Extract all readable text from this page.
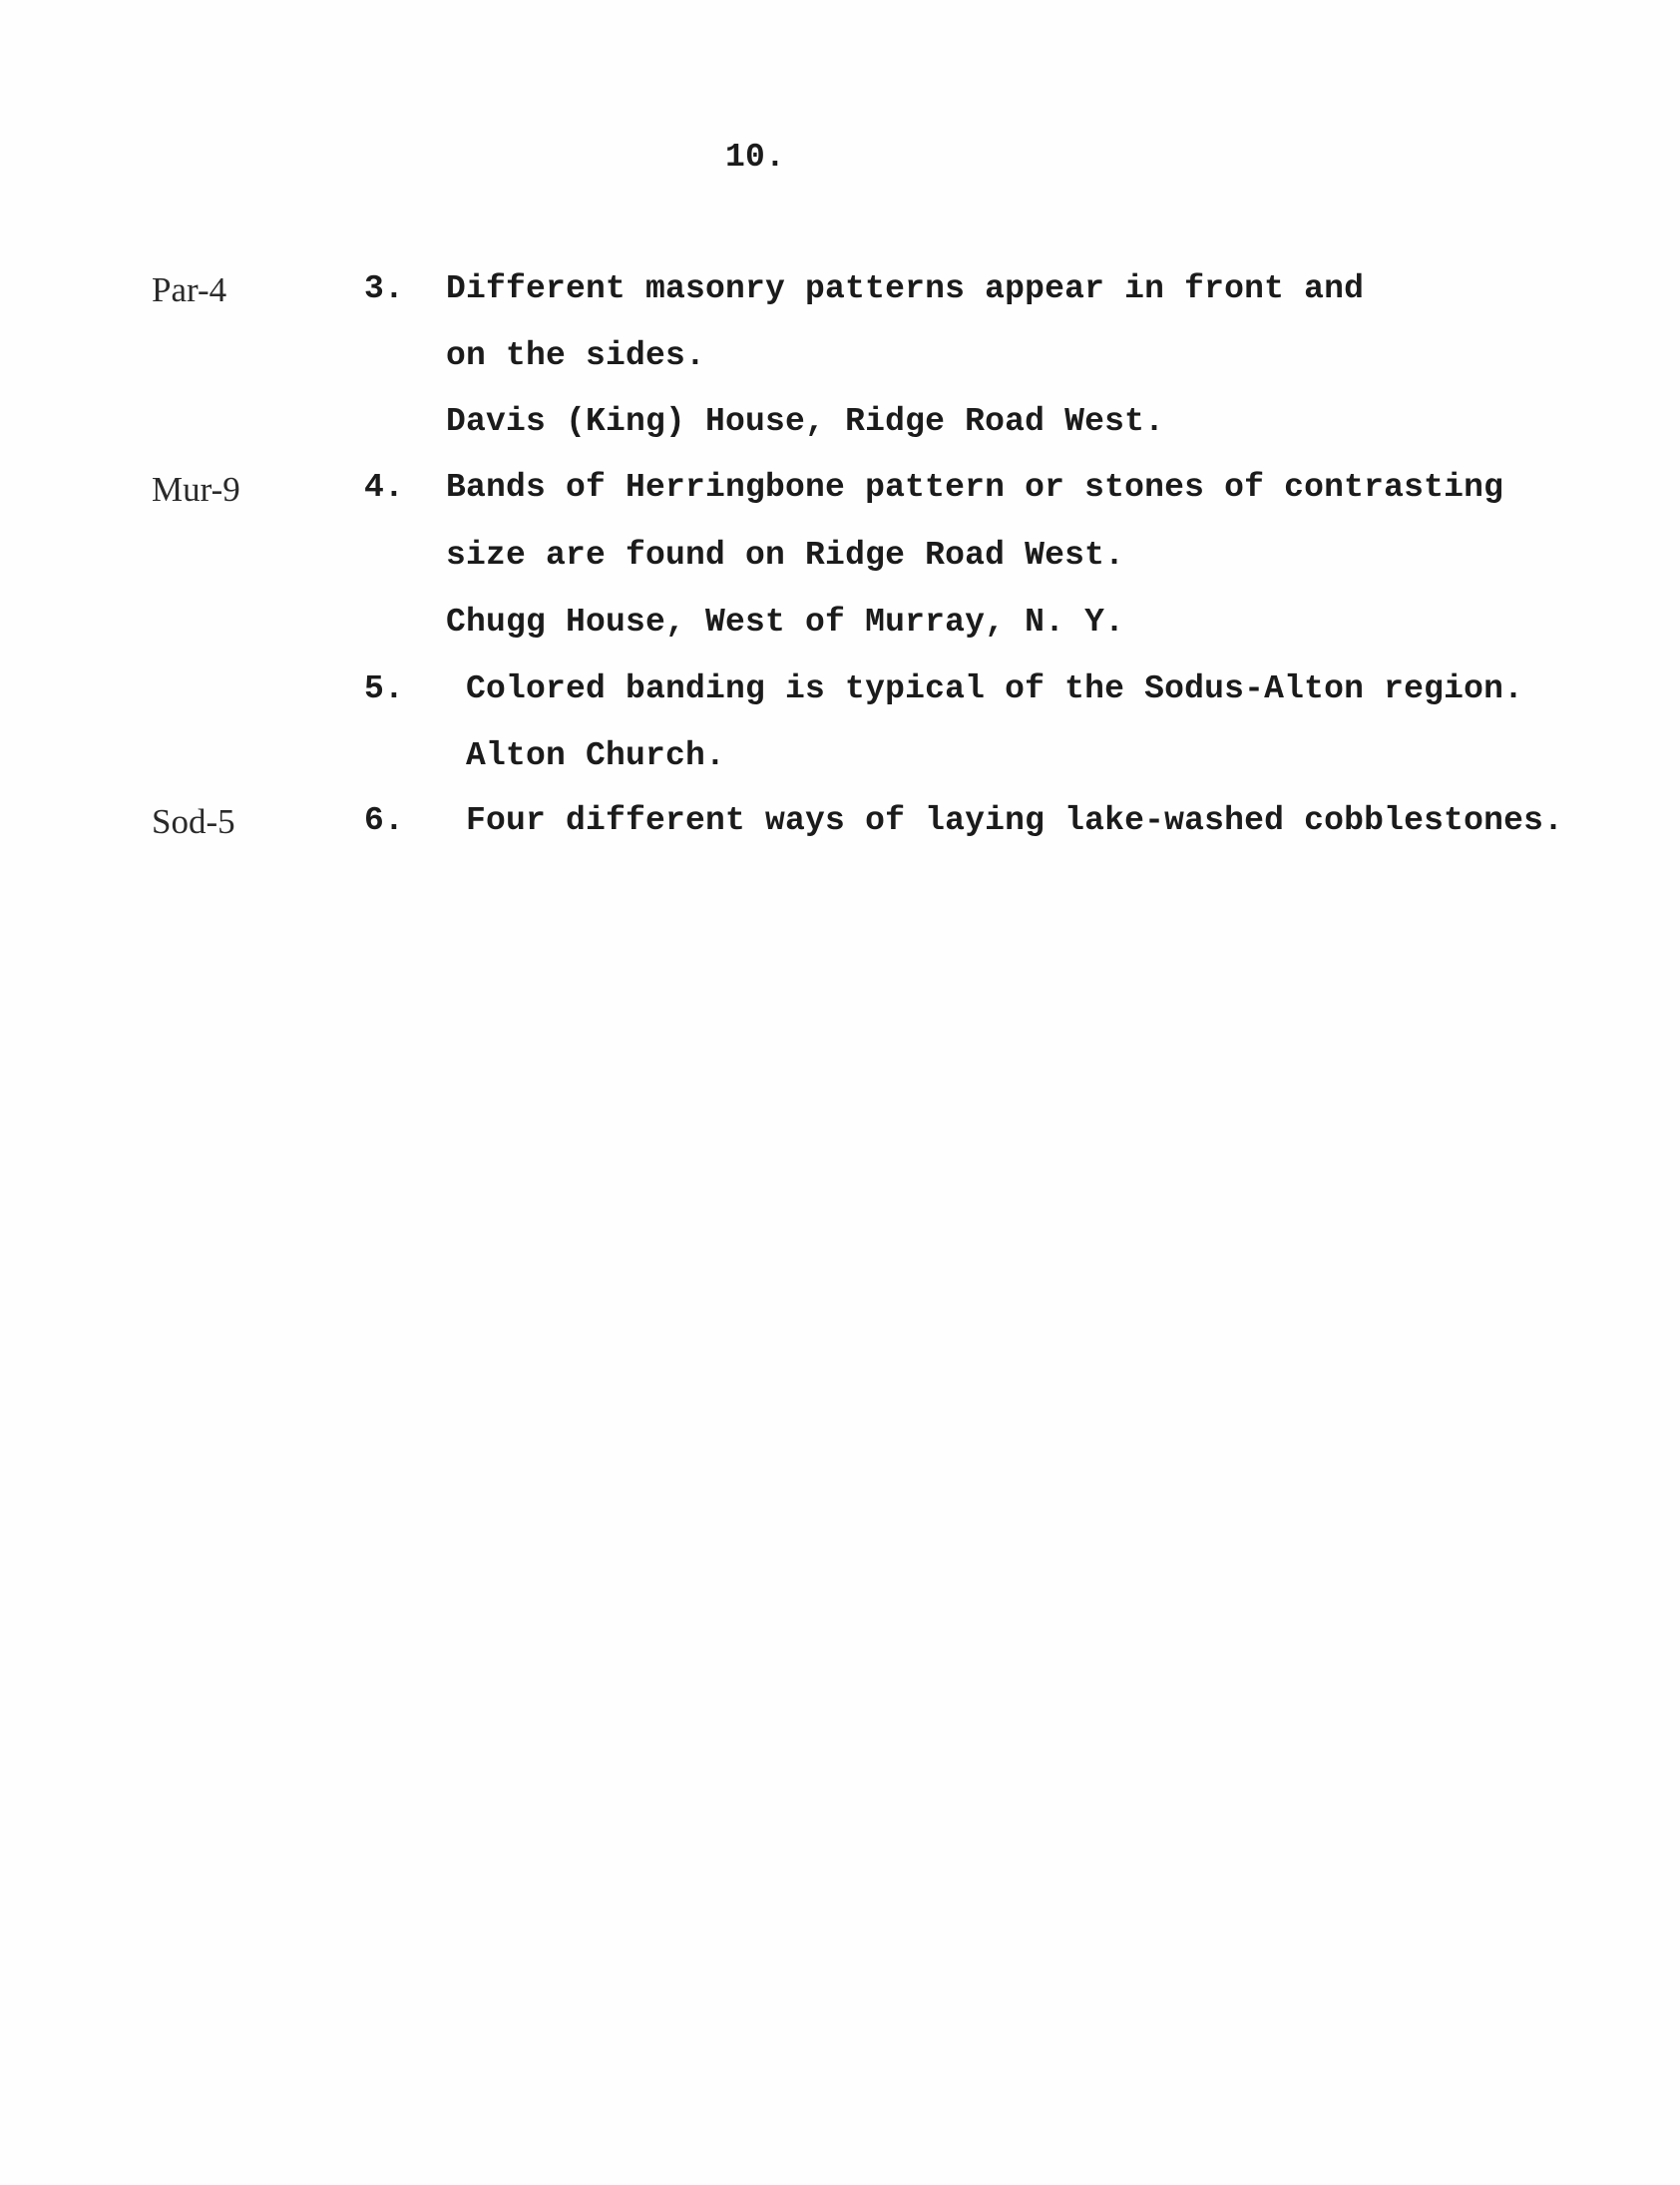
10.
Par-4	3. Different masonry patterns appear in front and
on the sides.
Davis (King) House, Ridge Road West.
Mur-9	4. Bands of Herringbone pattern or stones of contrasting
size are found on Ridge Road West.
Chugg House, West of Murray, N. Y.
5. Colored banding is typical of the Sodus-Alton region.
Alton Church.
Sod-5	6. Four different ways of laying lake-washed cobblestones.
